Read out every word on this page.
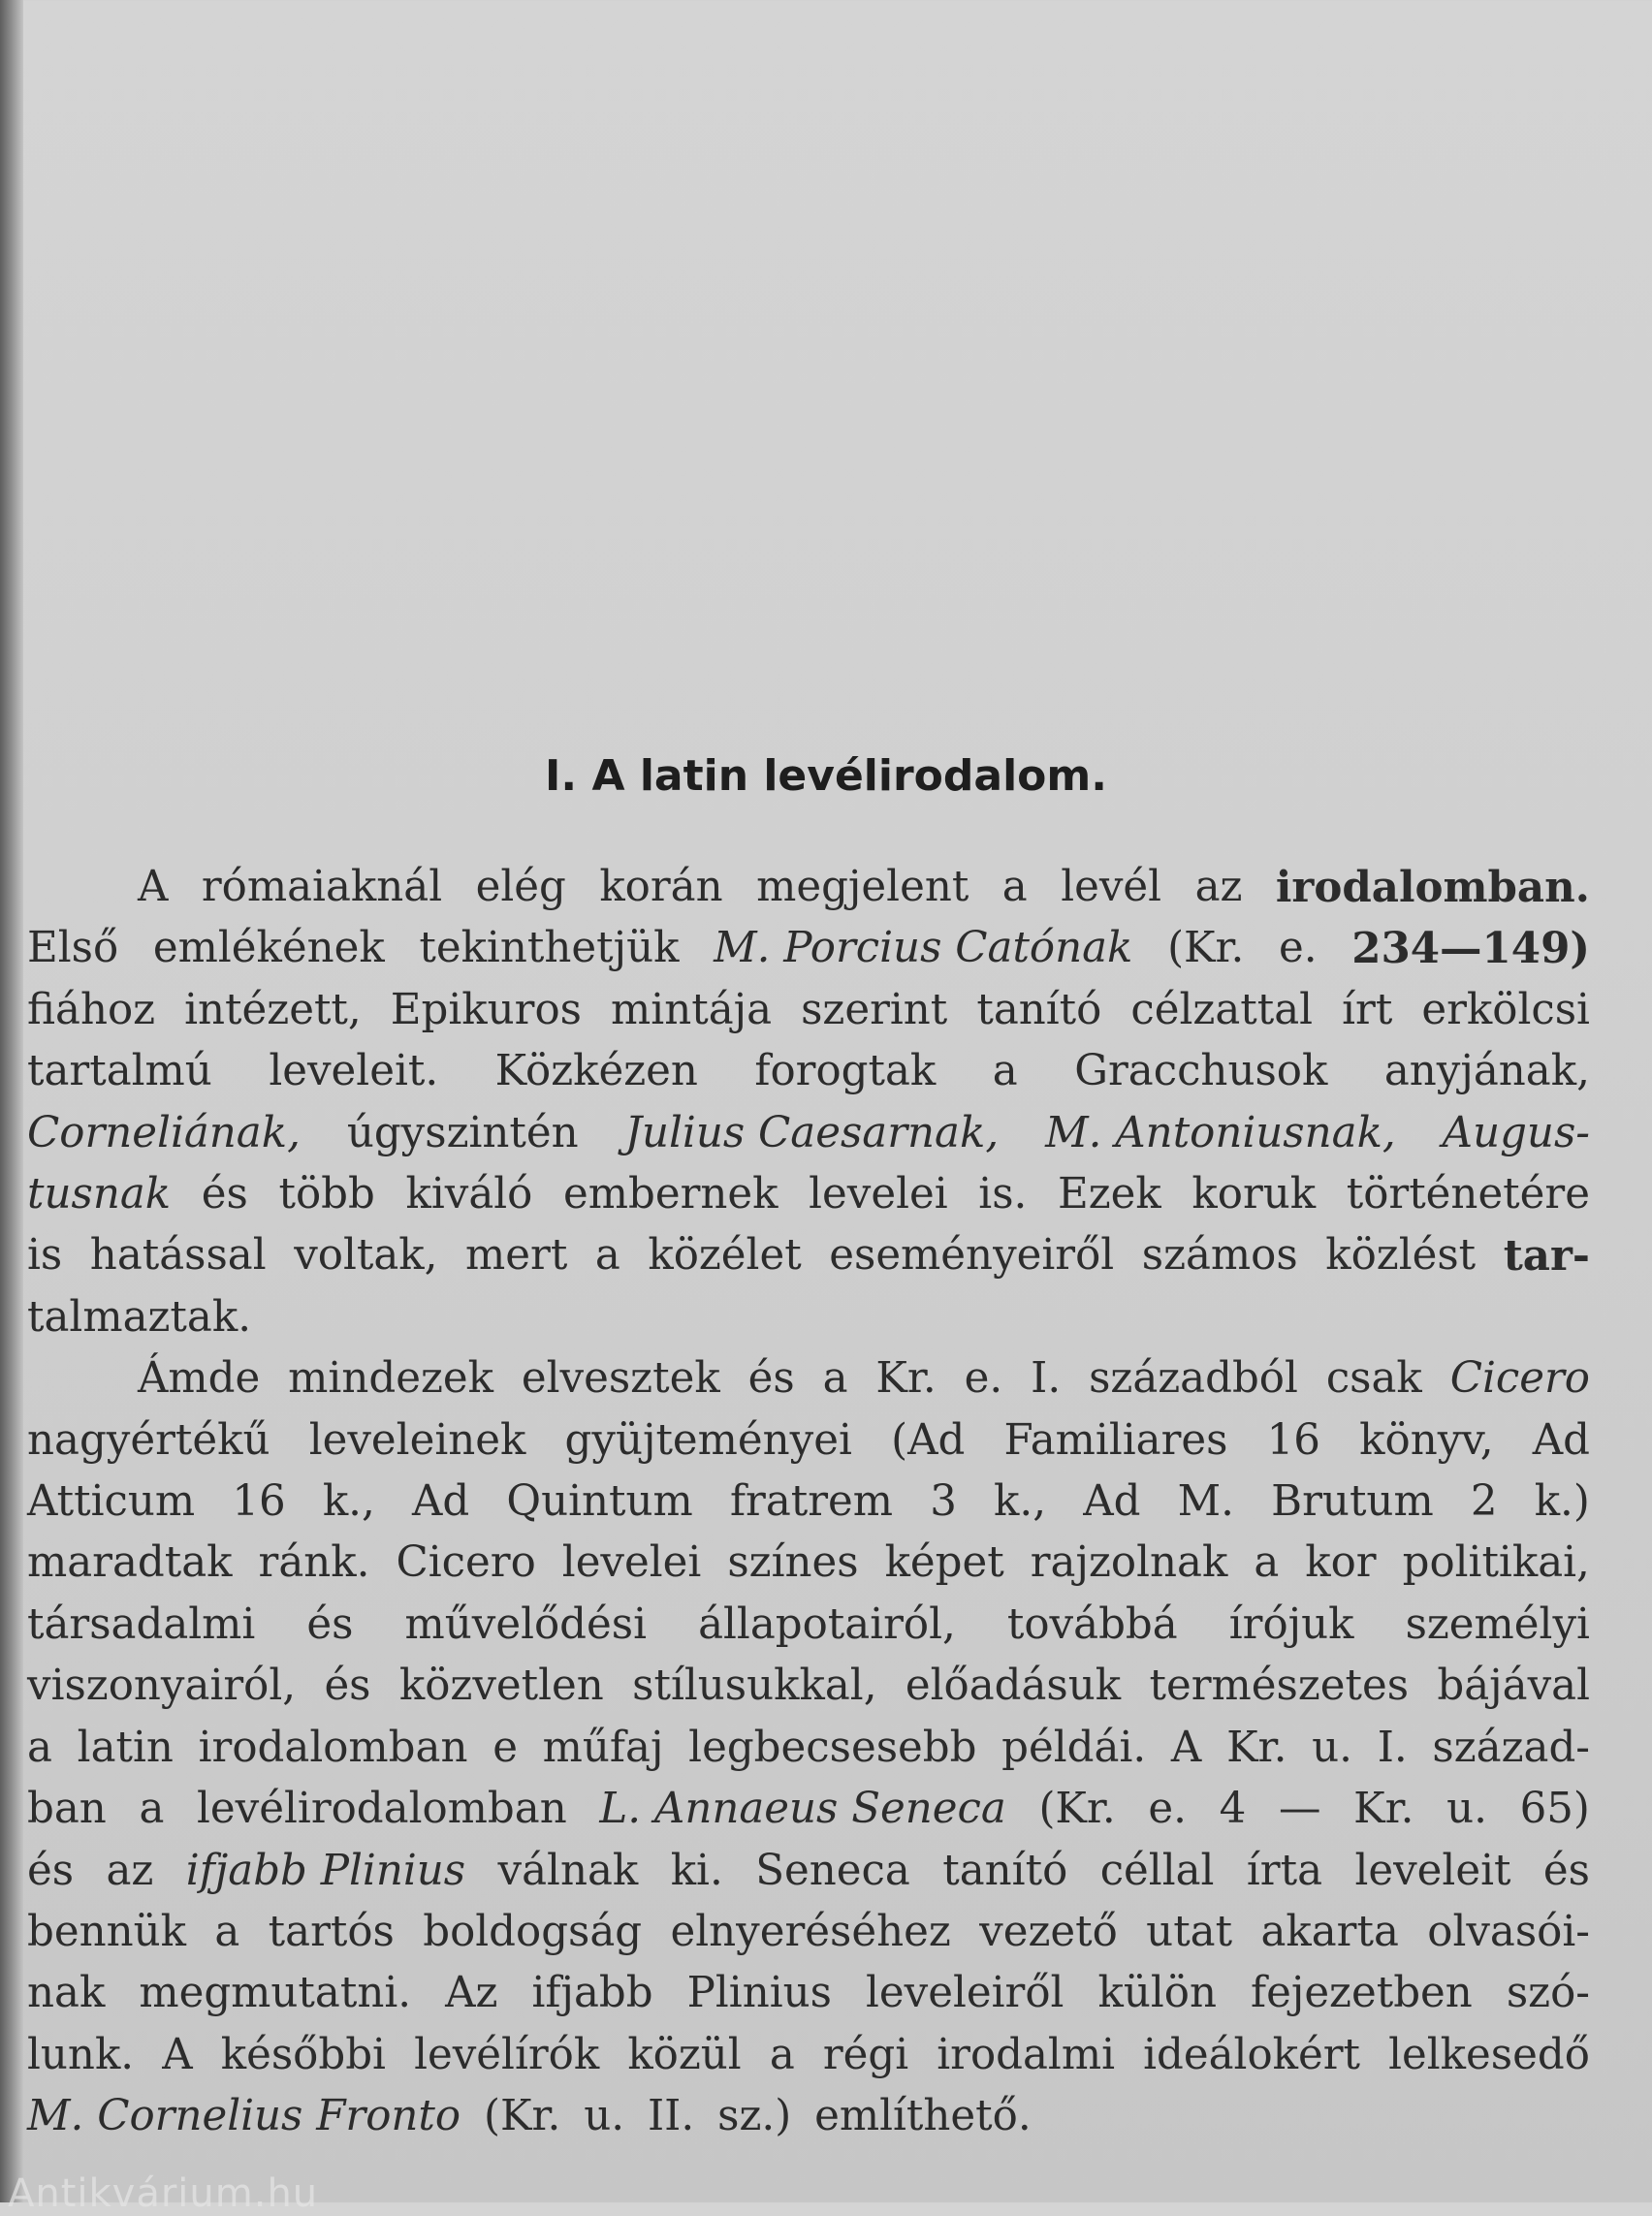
I. A latin levélirodalom.
A rómaiaknál elég korán megjelent a levél az irodalomban.
Első emlékének tekinthetjük M. Porcius Catónak (Kr. e. 234—149)
fiához intézett, Epikuros mintája szerint tanító célzattal írt erkölcsi
tartalmú leveleit. Közkézen forogtak a Gracchusok anyjának,
Corneliának, úgyszintén Julius Caesarnak, M. Antoniusnak, Augus-
tusnak és több kiváló embernek levelei is. Ezek koruk történetére
is hatással voltak, mert a közélet eseményeiről számos közlést tar-
talmaztak.
Ámde mindezek elvesztek és a Kr. e. I. századból csak Cicero
nagyértékű leveleinek gyüjteményei (Ad Familiares 16 könyv, Ad
Atticum 16 k., Ad Quintum fratrem 3 k., Ad M. Brutum 2 k.)
maradtak ránk. Cicero levelei színes képet rajzolnak a kor politikai,
társadalmi és művelődési állapotairól, továbbá írójuk személyi
viszonyairól, és közvetlen stílusukkal, előadásuk természetes bájával
a latin irodalomban e műfaj legbecsesebb példái. A Kr. u. I. század-
ban a levélirodalomban L. Annaeus Seneca (Kr. e. 4 — Kr. u. 65)
és az ifjabb Plinius válnak ki. Seneca tanító céllal írta leveleit és
bennük a tartós boldogság elnyeréséhez vezető utat akarta olvasói-
nak megmutatni. Az ifjabb Plinius leveleiről külön fejezetben szó-
lunk. A későbbi levélírók közül a régi irodalmi ideálokért lelkesedő
M. Cornelius Fronto (Kr. u. II. sz.) említhető.
Antikvárium.hu
